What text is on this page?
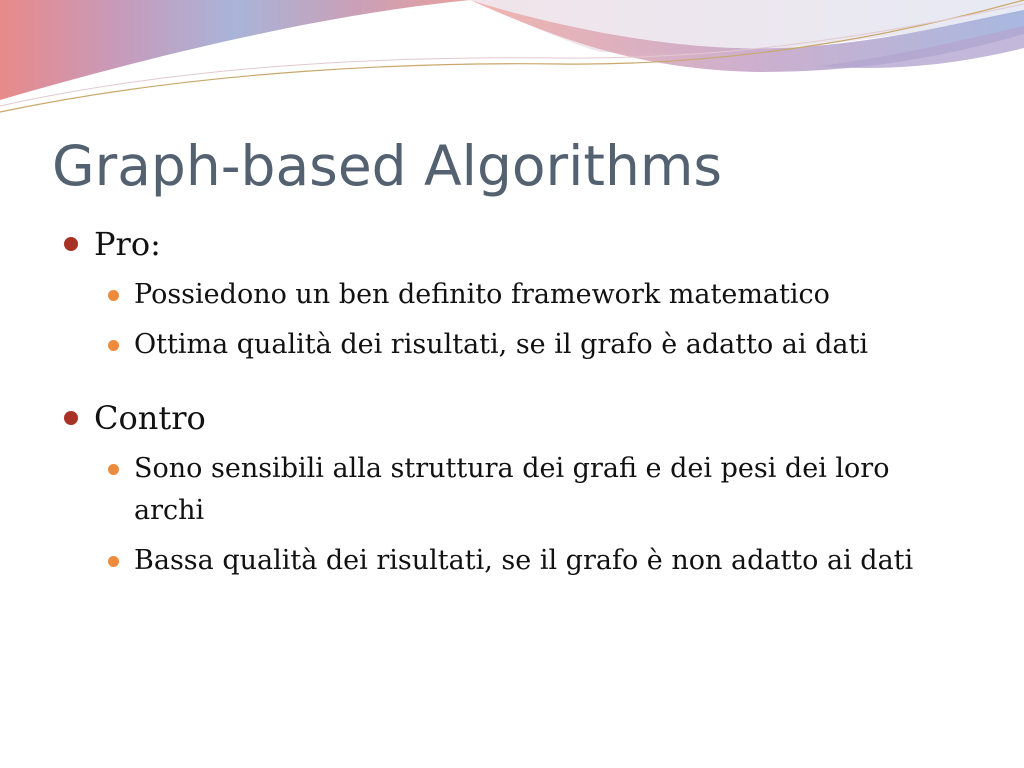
Graph-based Algorithms
Pro:
Possiedono un ben definito framework matematico
Ottima qualità dei risultati, se il grafo è adatto ai dati
Contro
Sono sensibili alla struttura dei grafi e dei pesi dei loro archi
Bassa qualità dei risultati, se il grafo è non adatto ai dati
